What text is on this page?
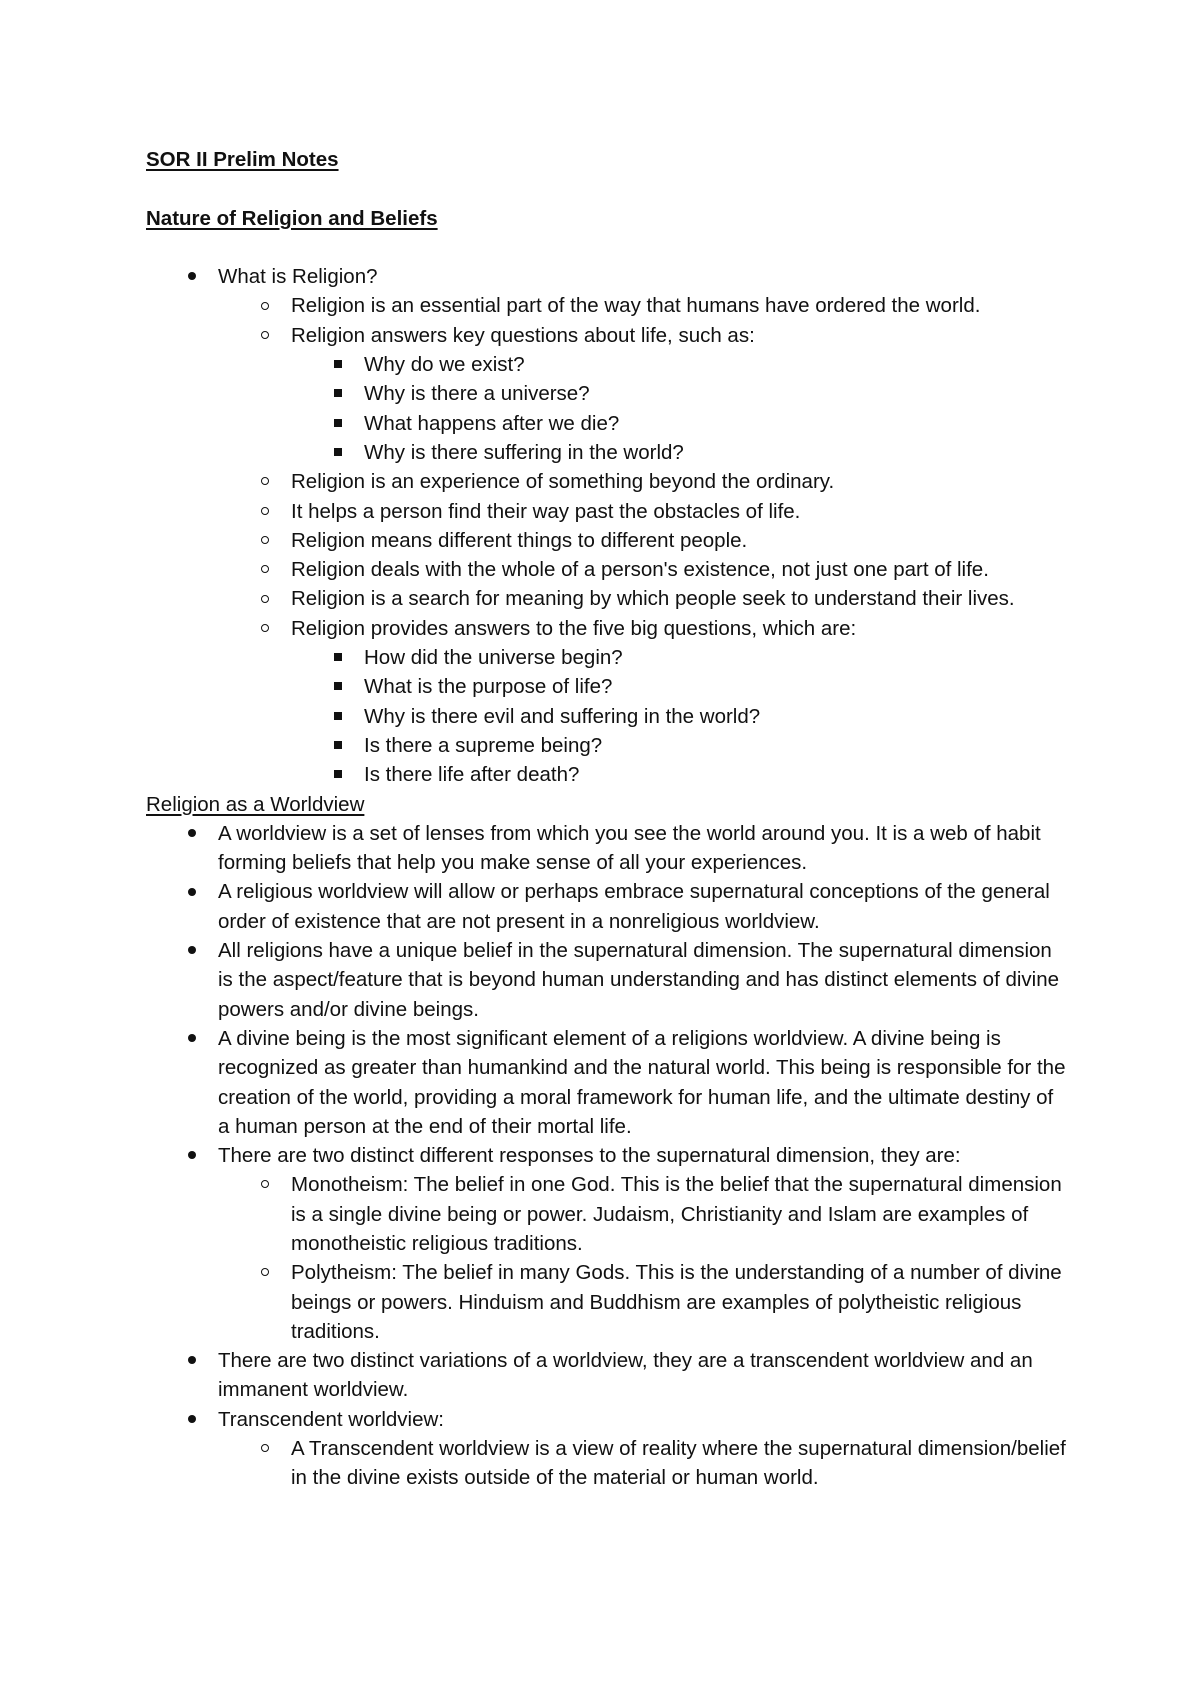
SOR II Prelim Notes

Nature of Religion and Beliefs

What is Religion?
Religion is an essential part of the way that humans have ordered the world.
Religion answers key questions about life, such as:
Why do we exist?
Why is there a universe?
What happens after we die?
Why is there suffering in the world?
Religion is an experience of something beyond the ordinary.
It helps a person find their way past the obstacles of life.
Religion means different things to different people.
Religion deals with the whole of a person's existence, not just one part of life.
Religion is a search for meaning by which people seek to understand their lives.
Religion provides answers to the five big questions, which are:
How did the universe begin?
What is the purpose of life?
Why is there evil and suffering in the world?
Is there a supreme being?
Is there life after death?

Religion as a Worldview

A worldview is a set of lenses from which you see the world around you. It is a web of habit forming beliefs that help you make sense of all your experiences.
A religious worldview will allow or perhaps embrace supernatural conceptions of the general order of existence that are not present in a nonreligious worldview.
All religions have a unique belief in the supernatural dimension. The supernatural dimension is the aspect/feature that is beyond human understanding and has distinct elements of divine powers and/or divine beings.
A divine being is the most significant element of a religions worldview. A divine being is recognized as greater than humankind and the natural world. This being is responsible for the creation of the world, providing a moral framework for human life, and the ultimate destiny of a human person at the end of their mortal life.
There are two distinct different responses to the supernatural dimension, they are:
Monotheism: The belief in one God. This is the belief that the supernatural dimension is a single divine being or power. Judaism, Christianity and Islam are examples of monotheistic religious traditions.
Polytheism: The belief in many Gods. This is the understanding of a number of divine beings or powers. Hinduism and Buddhism are examples of polytheistic religious traditions.
There are two distinct variations of a worldview, they are a transcendent worldview and an immanent worldview.
Transcendent worldview:
A Transcendent worldview is a view of reality where the supernatural dimension/belief in the divine exists outside of the material or human world.
